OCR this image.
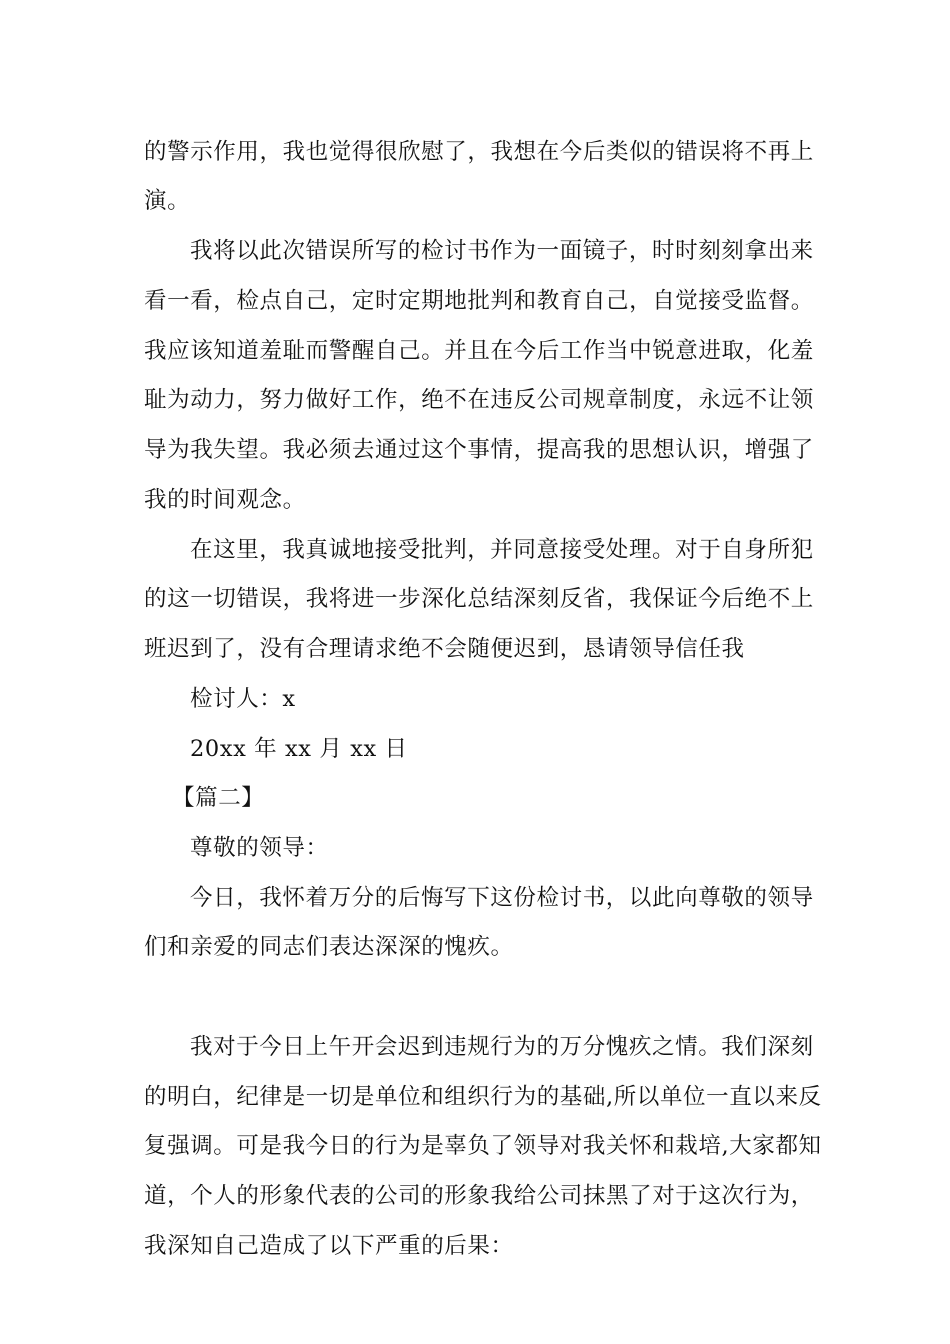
的警示作用，我也觉得很欣慰了，我想在今后类似的错误将不再上
演。
我将以此次错误所写的检讨书作为一面镜子，时时刻刻拿出来
看一看，检点自己，定时定期地批判和教育自己，自觉接受监督。
我应该知道羞耻而警醒自己。并且在今后工作当中锐意进取，化羞
耻为动力，努力做好工作，绝不在违反公司规章制度，永远不让领
导为我失望。我必须去通过这个事情，提高我的思想认识，增强了
我的时间观念。
在这里，我真诚地接受批判，并同意接受处理。对于自身所犯
的这一切错误，我将进一步深化总结深刻反省，我保证今后绝不上
班迟到了，没有合理请求绝不会随便迟到，恳请领导信任我
检讨人：x
20xx 年 xx 月 xx 日
【篇二】
尊敬的领导：
今日，我怀着万分的后悔写下这份检讨书，以此向尊敬的领导
们和亲爱的同志们表达深深的愧疚。
我对于今日上午开会迟到违规行为的万分愧疚之情。我们深刻
的明白，纪律是一切是单位和组织行为的基础,所以单位一直以来反
复强调。可是我今日的行为是辜负了领导对我关怀和栽培,大家都知
道，个人的形象代表的公司的形象我给公司抹黑了对于这次行为，
我深知自己造成了以下严重的后果：
